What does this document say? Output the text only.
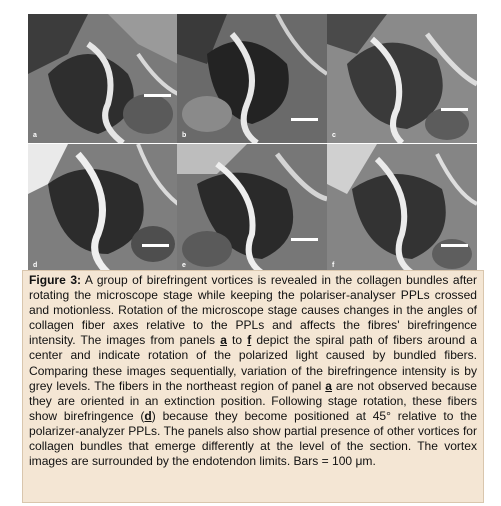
a	b	c
d	e	f
Figure 3: A group of birefringent vortices is revealed in the collagen bundles after rotating the microscope stage while keeping the polariser-analyser PPLs crossed and motionless. Rotation of the microscope stage causes changes in the angles of collagen fiber axes relative to the PPLs and affects the fibres' birefringence intensity. The images from panels a to f depict the spiral path of fibers around a center and indicate rotation of the polarized light caused by bundled fibers. Comparing these images sequentially, variation of the birefringence intensity is by grey levels. The fibers in the northeast region of panel a are not observed because they are oriented in an extinction position. Following stage rotation, these fibers show birefringence (d) because they become positioned at 45° relative to the polarizer-analyzer PPLs. The panels also show partial presence of other vortices for collagen bundles that emerge differently at the level of the section. The vortex images are surrounded by the endotendon limits. Bars = 100 μm.
